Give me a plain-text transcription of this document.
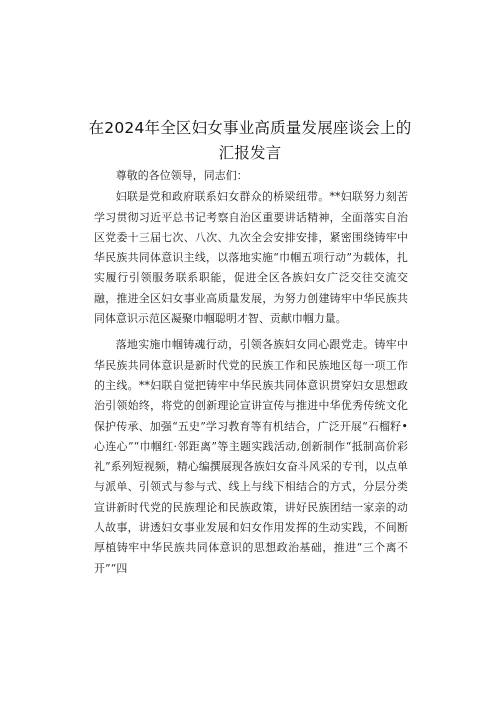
在2024年全区妇女事业高质量发展座谈会上的
汇报发言

尊敬的各位领导，同志们：

妇联是党和政府联系妇女群众的桥梁纽带。**妇联努力刻苦学习贯彻习近平总书记考察自治区重要讲话精神，全面落实自治区党委十三届七次、八次、九次全会安排安排，紧密围绕铸牢中华民族共同体意识主线，以落地实施“巾帼五项行动”为载体，扎实履行引领服务联系职能，促进全区各族妇女广泛交往交流交融，推进全区妇女事业高质量发展，为努力创建铸牢中华民族共同体意识示范区凝聚巾帼聪明才智、贡献巾帼力量。

落地实施巾帼铸魂行动，引领各族妇女同心跟党走。铸牢中华民族共同体意识是新时代党的民族工作和民族地区每一项工作的主线。**妇联自觉把铸牢中华民族共同体意识贯穿妇女思想政治引领始终，将党的创新理论宣讲宣传与推进中华优秀传统文化保护传承、加强“五史”学习教育等有机结合，广泛开展“石榴籽•心连心”“巾帼红·邻距离”等主题实践活动,创新制作“抵制高价彩礼”系列短视频，精心编撰展现各族妇女奋斗风采的专刊，以点单与派单、引领式与参与式、线上与线下相结合的方式，分层分类宣讲新时代党的民族理论和民族政策，讲好民族团结一家亲的动人故事，讲透妇女事业发展和妇女作用发挥的生动实践，不间断厚植铸牢中华民族共同体意识的思想政治基础，推进“三个离不开”“四
